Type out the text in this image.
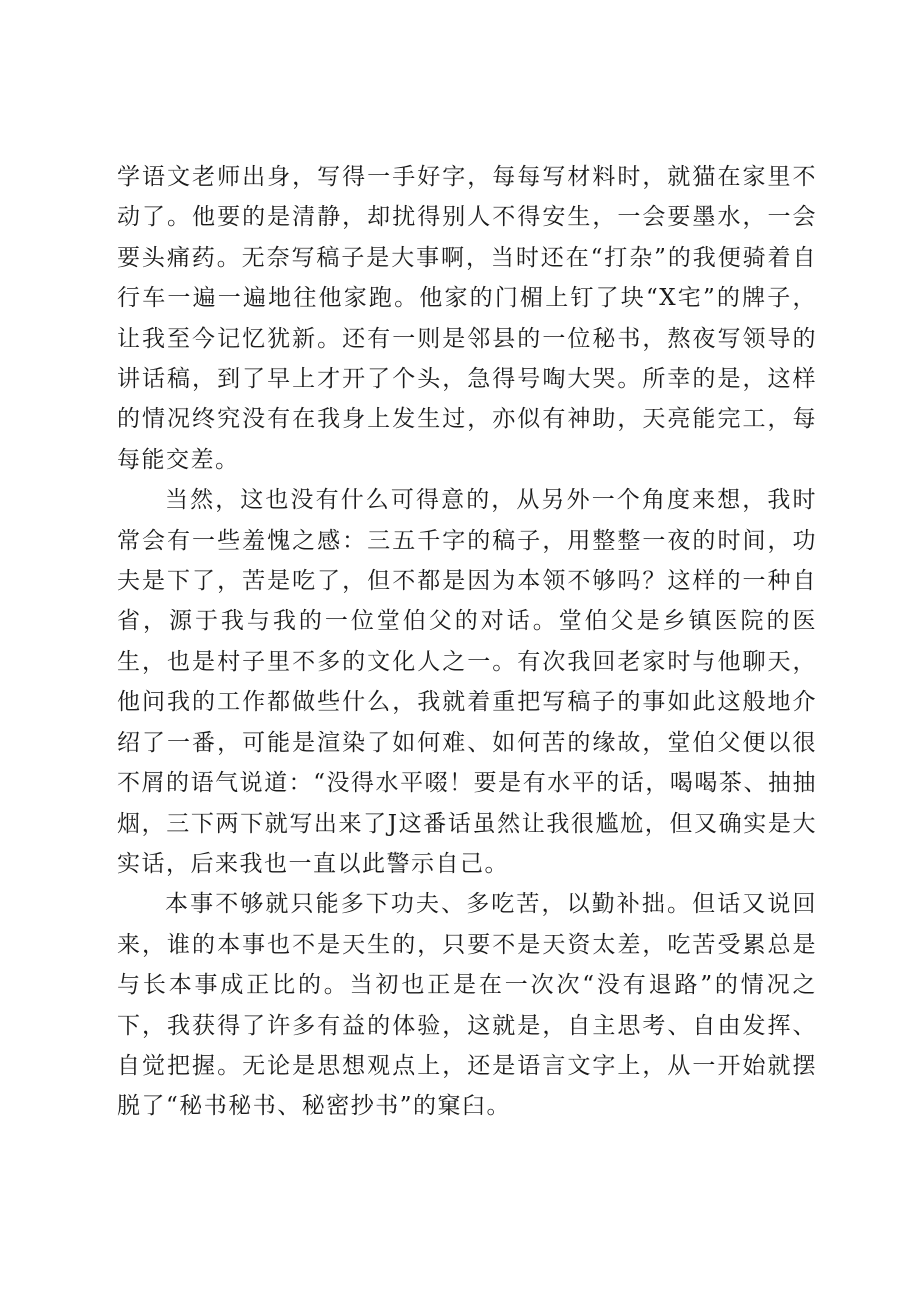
学语文老师出身，写得一手好字，每每写材料时，就猫在家里不动了。他要的是清静，却扰得别人不得安生，一会要墨水，一会要头痛药。无奈写稿子是大事啊，当时还在“打杂”的我便骑着自行车一遍一遍地往他家跑。他家的门楣上钉了块“X宅”的牌子，让我至今记忆犹新。还有一则是邻县的一位秘书，熬夜写领导的讲话稿，到了早上才开了个头，急得号啕大哭。所幸的是，这样的情况终究没有在我身上发生过，亦似有神助，天亮能完工，每每能交差。

当然，这也没有什么可得意的，从另外一个角度来想，我时常会有一些羞愧之感：三五千字的稿子，用整整一夜的时间，功夫是下了，苦是吃了，但不都是因为本领不够吗？这样的一种自省，源于我与我的一位堂伯父的对话。堂伯父是乡镇医院的医生，也是村子里不多的文化人之一。有次我回老家时与他聊天，他问我的工作都做些什么，我就着重把写稿子的事如此这般地介绍了一番，可能是渲染了如何难、如何苦的缘故，堂伯父便以很不屑的语气说道：“没得水平啜！要是有水平的话，喝喝茶、抽抽烟，三下两下就写出来了J这番话虽然让我很尴尬，但又确实是大实话，后来我也一直以此警示自己。

本事不够就只能多下功夫、多吃苦，以勤补拙。但话又说回来，谁的本事也不是天生的，只要不是天资太差，吃苦受累总是与长本事成正比的。当初也正是在一次次“没有退路”的情况之下，我获得了许多有益的体验，这就是，自主思考、自由发挥、自觉把握。无论是思想观点上，还是语言文字上，从一开始就摆脱了“秘书秘书、秘密抄书”的窠臼。
